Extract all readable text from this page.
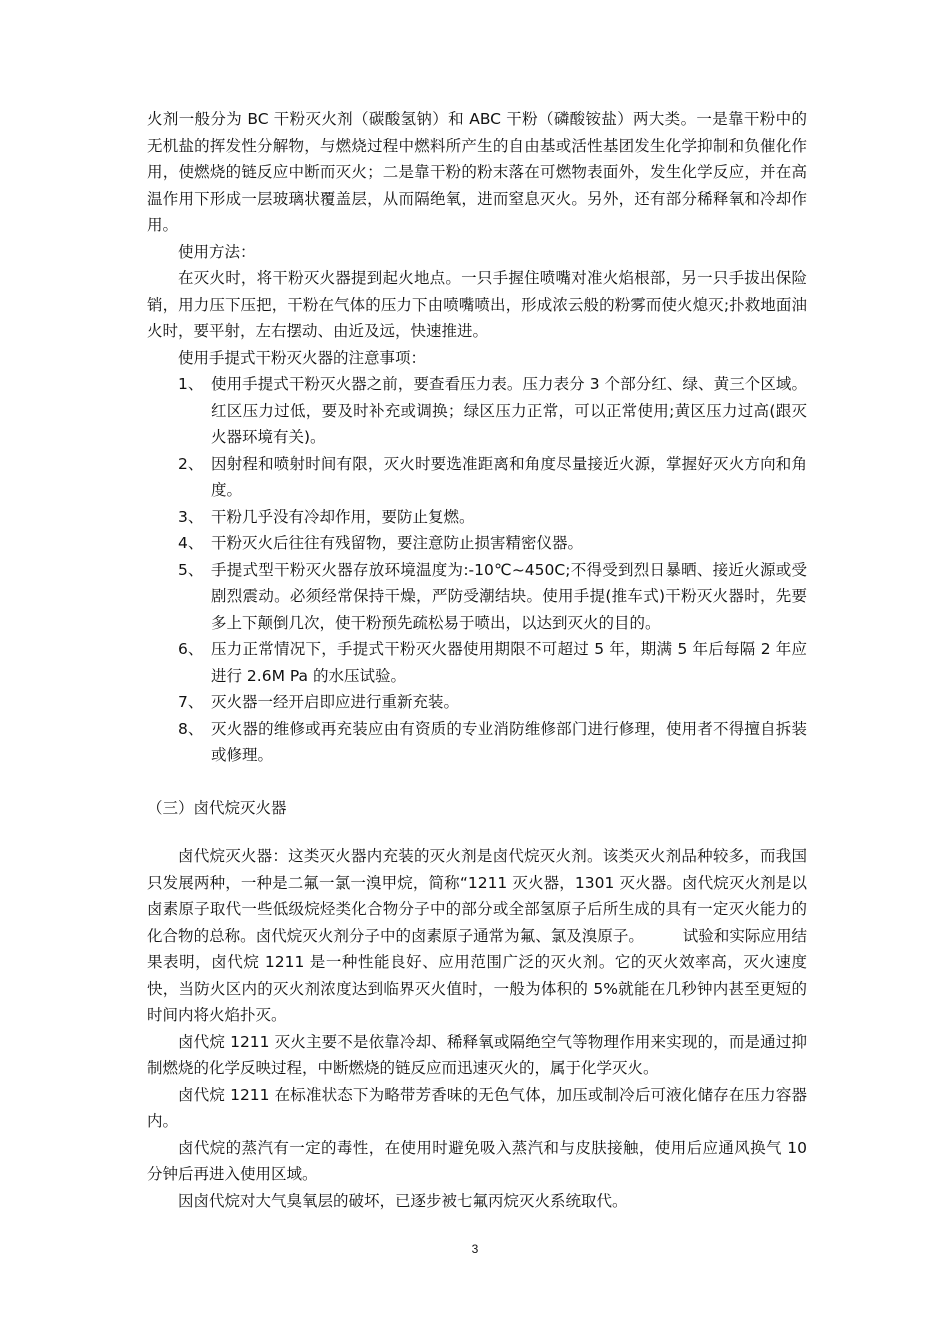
火剂一般分为 BC 干粉灭火剂（碳酸氢钠）和 ABC 干粉（磷酸铵盐）两大类。一是靠干粉中的无机盐的挥发性分解物，与燃烧过程中燃料所产生的自由基或活性基团发生化学抑制和负催化作用，使燃烧的链反应中断而灭火；二是靠干粉的粉末落在可燃物表面外，发生化学反应，并在高温作用下形成一层玻璃状覆盖层，从而隔绝氧，进而窒息灭火。另外，还有部分稀释氧和冷却作用。

使用方法：

在灭火时，将干粉灭火器提到起火地点。一只手握住喷嘴对准火焰根部，另一只手拔出保险销，用力压下压把，干粉在气体的压力下由喷嘴喷出，形成浓云般的粉雾而使火熄灭;扑救地面油火时，要平射，左右摆动、由近及远，快速推进。

使用手提式干粉灭火器的注意事项：

1、 使用手提式干粉灭火器之前，要查看压力表。压力表分 3 个部分红、绿、黄三个区域。红区压力过低，要及时补充或调换；绿区压力正常，可以正常使用;黄区压力过高(跟灭火器环境有关)。
2、 因射程和喷射时间有限，灭火时要选准距离和角度尽量接近火源，掌握好灭火方向和角度。
3、 干粉几乎没有冷却作用，要防止复燃。
4、 干粉灭火后往往有残留物，要注意防止损害精密仪器。
5、 手提式型干粉灭火器存放环境温度为:-10℃~450C;不得受到烈日暴晒、接近火源或受剧烈震动。必须经常保持干燥，严防受潮结块。使用手提(推车式)干粉灭火器时，先要多上下颠倒几次，使干粉预先疏松易于喷出，以达到灭火的目的。
6、 压力正常情况下，手提式干粉灭火器使用期限不可超过 5 年，期满 5 年后每隔 2 年应进行 2.6M Pa 的水压试验。
7、 灭火器一经开启即应进行重新充装。
8、 灭火器的维修或再充装应由有资质的专业消防维修部门进行修理，使用者不得擅自拆装或修理。

（三）卤代烷灭火器

卤代烷灭火器：这类灭火器内充装的灭火剂是卤代烷灭火剂。该类灭火剂品种较多，而我国只发展两种，一种是二氟一氯一溴甲烷，简称“1211 灭火器，1301 灭火器。卤代烷灭火剂是以卤素原子取代一些低级烷烃类化合物分子中的部分或全部氢原子后所生成的具有一定灭火能力的化合物的总称。卤代烷灭火剂分子中的卤素原子通常为氟、氯及溴原子。　　　试验和实际应用结果表明，卤代烷 1211 是一种性能良好、应用范围广泛的灭火剂。它的灭火效率高，灭火速度快，当防火区内的灭火剂浓度达到临界灭火值时，一般为体积的 5%就能在几秒钟内甚至更短的时间内将火焰扑灭。

卤代烷 1211 灭火主要不是依靠冷却、稀释氧或隔绝空气等物理作用来实现的，而是通过抑制燃烧的化学反映过程，中断燃烧的链反应而迅速灭火的，属于化学灭火。

卤代烷 1211 在标准状态下为略带芳香味的无色气体，加压或制冷后可液化储存在压力容器内。

卤代烷的蒸汽有一定的毒性，在使用时避免吸入蒸汽和与皮肤接触，使用后应通风换气 10 分钟后再进入使用区域。

因卤代烷对大气臭氧层的破坏，已逐步被七氟丙烷灭火系统取代。

3
